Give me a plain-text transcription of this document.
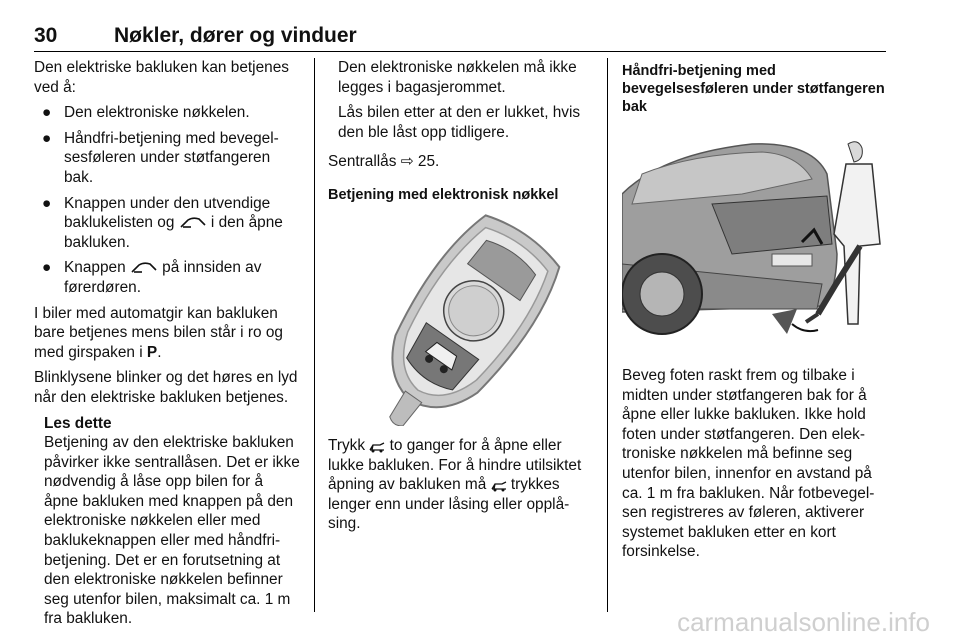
30	Nøkler, dører og vinduer

Den elektriske bakluken kan betjenes ved å:

● Den elektroniske nøkkelen.
● Håndfri-betjening med bevegelsesføleren under støtfangeren bak.
● Knappen under den utvendige baklukelisten og  i den åpne bakluken.
● Knappen  på innsiden av førerdøren.

I biler med automatgir kan bakluken bare betjenes mens bilen står i ro og med girspaken i P.

Blinklysene blinker og det høres en lyd når den elektriske bakluken betjenes.

Les dette
Betjening av den elektriske bakluken påvirker ikke sentrallåsen. Det er ikke nødvendig å låse opp bilen for å åpne bakluken med knappen på den elektroniske nøkkelen eller med baklukeknappen eller med håndfri-betjening. Det er en forutsetning at den elektroniske nøkkelen befinner seg utenfor bilen, maksimalt ca. 1 m fra bakluken.

Den elektroniske nøkkelen må ikke legges i bagasjerommet.

Lås bilen etter at den er lukket, hvis den ble låst opp tidligere.

Sentrallås ⇨ 25.

Betjening med elektronisk nøkkel

Trykk  to ganger for å åpne eller lukke bakluken. For å hindre utilsiktet åpning av bakluken må  trykkes lenger enn under låsing eller opplåsing.

Håndfri-betjening med bevegelsesføleren under støtfangeren bak

Beveg foten raskt frem og tilbake i midten under støtfangeren bak for å åpne eller lukke bakluken. Ikke hold foten under støtfangeren. Den elektroniske nøkkelen må befinne seg utenfor bilen, innenfor en avstand på ca. 1 m fra bakluken. Når fotbevegelsen registreres av føleren, aktiverer systemet bakluken etter en kort forsinkelse.

carmanualsonline.info
